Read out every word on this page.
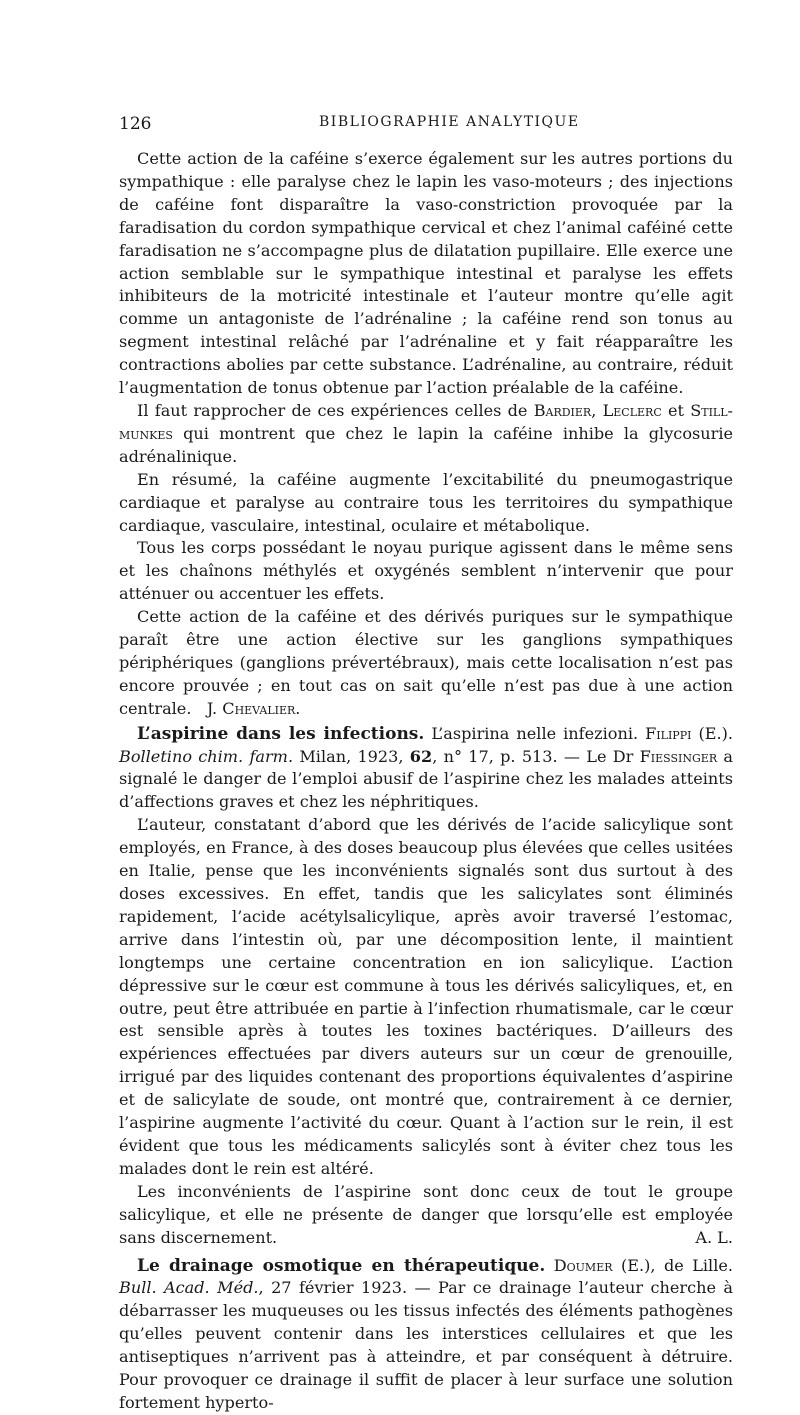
126	BIBLIOGRAPHIE ANALYTIQUE

Cette action de la caféine s’exerce également sur les autres portions du sympathique : elle paralyse chez le lapin les vaso-moteurs ; des injections de caféine font disparaître la vaso-constriction provoquée par la faradisation du cordon sympathique cervical et chez l’animal caféiné cette faradisation ne s’accompagne plus de dilatation pupillaire. Elle exerce une action semblable sur le sympathique intestinal et paralyse les effets inhibiteurs de la motricité intestinale et l’auteur montre qu’elle agit comme un antagoniste de l’adrénaline ; la caféine rend son tonus au segment intestinal relâché par l’adrénaline et y fait réapparaître les contractions abolies par cette substance. L’adrénaline, au contraire, réduit l’augmentation de tonus obtenue par l’action préalable de la caféine.

Il faut rapprocher de ces expériences celles de Bardier, Leclerc et Still-munkes qui montrent que chez le lapin la caféine inhibe la glycosurie adrénalinique.

En résumé, la caféine augmente l’excitabilité du pneumogastrique cardiaque et paralyse au contraire tous les territoires du sympathique cardiaque, vasculaire, intestinal, oculaire et métabolique.

Tous les corps possédant le noyau purique agissent dans le même sens et les chaînons méthylés et oxygénés semblent n’intervenir que pour atténuer ou accentuer les effets.

Cette action de la caféine et des dérivés puriques sur le sympathique paraît être une action élective sur les ganglions sympathiques périphériques (ganglions prévertébraux), mais cette localisation n’est pas encore prouvée ; en tout cas on sait qu’elle n’est pas due à une action centrale. J. Chevalier.

L’aspirine dans les infections. L’aspirina nelle infezioni. Filippi (E.). Bolletino chim. farm. Milan, 1923, 62, n° 17, p. 513. — Le Dr Fiessinger a signalé le danger de l’emploi abusif de l’aspirine chez les malades atteints d’affections graves et chez les néphritiques.

L’auteur, constatant d’abord que les dérivés de l’acide salicylique sont employés, en France, à des doses beaucoup plus élevées que celles usitées en Italie, pense que les inconvénients signalés sont dus surtout à des doses excessives. En effet, tandis que les salicylates sont éliminés rapidement, l’acide acétylsalicylique, après avoir traversé l’estomac, arrive dans l’intestin où, par une décomposition lente, il maintient longtemps une certaine concentration en ion salicylique. L’action dépressive sur le cœur est commune à tous les dérivés salicyliques, et, en outre, peut être attribuée en partie à l’infection rhumatismale, car le cœur est sensible après à toutes les toxines bactériques. D’ailleurs des expériences effectuées par divers auteurs sur un cœur de grenouille, irrigué par des liquides contenant des proportions équivalentes d’aspirine et de salicylate de soude, ont montré que, contrairement à ce dernier, l’aspirine augmente l’activité du cœur. Quant à l’action sur le rein, il est évident que tous les médicaments salicylés sont à éviter chez tous les malades dont le rein est altéré.

Les inconvénients de l’aspirine sont donc ceux de tout le groupe salicylique, et elle ne présente de danger que lorsqu’elle est employée sans discernement.	A. L.

Le drainage osmotique en thérapeutique. Doumer (E.), de Lille. Bull. Acad. Méd., 27 février 1923. — Par ce drainage l’auteur cherche à débarrasser les muqueuses ou les tissus infectés des éléments pathogènes qu’elles peuvent contenir dans les interstices cellulaires et que les antiseptiques n’arrivent pas à atteindre, et par conséquent à détruire. Pour provoquer ce drainage il suffit de placer à leur surface une solution fortement hyperto-
